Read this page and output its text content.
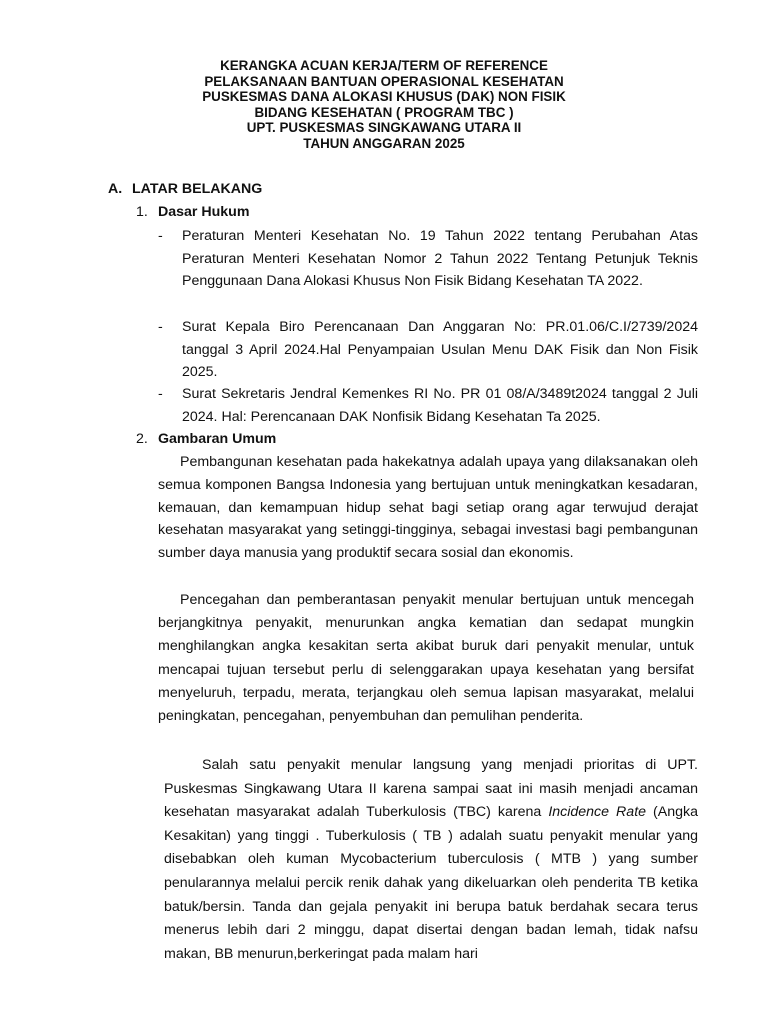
KERANGKA ACUAN KERJA/TERM OF REFERENCE
PELAKSANAAN BANTUAN OPERASIONAL KESEHATAN
PUSKESMAS DANA ALOKASI KHUSUS (DAK) NON FISIK
BIDANG KESEHATAN ( PROGRAM TBC )
UPT. PUSKESMAS SINGKAWANG UTARA II
TAHUN ANGGARAN 2025
A. LATAR BELAKANG
1. Dasar Hukum
- Peraturan Menteri Kesehatan No. 19 Tahun 2022 tentang Perubahan Atas Peraturan Menteri Kesehatan Nomor 2 Tahun 2022 Tentang Petunjuk Teknis Penggunaan Dana Alokasi Khusus Non Fisik Bidang Kesehatan TA 2022.
- Surat Kepala Biro Perencanaan Dan Anggaran No: PR.01.06/C.I/2739/2024 tanggal 3 April 2024.Hal Penyampaian Usulan Menu DAK Fisik dan Non Fisik 2025.
- Surat Sekretaris Jendral Kemenkes RI No. PR 01 08/A/3489t2024 tanggal 2 Juli 2024. Hal: Perencanaan DAK Nonfisik Bidang Kesehatan Ta 2025.
2. Gambaran Umum

Pembangunan kesehatan pada hakekatnya adalah upaya yang dilaksanakan oleh semua komponen Bangsa Indonesia yang bertujuan untuk meningkatkan kesadaran, kemauan, dan kemampuan hidup sehat bagi setiap orang agar terwujud derajat kesehatan masyarakat yang setinggi-tingginya, sebagai investasi bagi pembangunan sumber daya manusia yang produktif secara sosial dan ekonomis.

Pencegahan dan pemberantasan penyakit menular bertujuan untuk mencegah berjangkitnya penyakit, menurunkan angka kematian dan sedapat mungkin menghilangkan angka kesakitan serta akibat buruk dari penyakit menular, untuk mencapai tujuan tersebut perlu di selenggarakan upaya kesehatan yang bersifat menyeluruh, terpadu, merata, terjangkau oleh semua lapisan masyarakat, melalui peningkatan, pencegahan, penyembuhan dan pemulihan penderita.

Salah satu penyakit menular langsung yang menjadi prioritas di UPT. Puskesmas Singkawang Utara II karena sampai saat ini masih menjadi ancaman kesehatan masyarakat adalah Tuberkulosis (TBC) karena Incidence Rate (Angka Kesakitan) yang tinggi . Tuberkulosis ( TB ) adalah suatu penyakit menular yang disebabkan oleh kuman Mycobacterium tuberculosis ( MTB ) yang sumber penularannya melalui percik renik dahak yang dikeluarkan oleh penderita TB ketika batuk/bersin. Tanda dan gejala penyakit ini berupa batuk berdahak secara terus menerus lebih dari 2 minggu, dapat disertai dengan badan lemah, tidak nafsu makan, BB menurun,berkeringat pada malam hari
